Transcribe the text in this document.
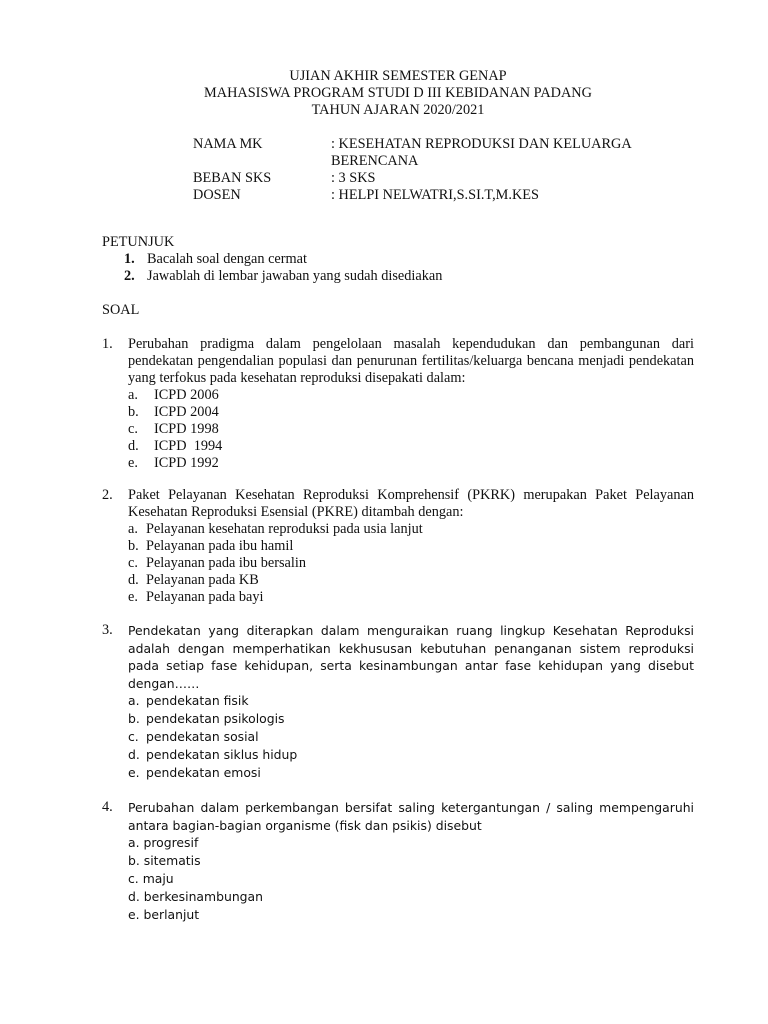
UJIAN AKHIR SEMESTER GENAP
MAHASISWA PROGRAM STUDI D III KEBIDANAN PADANG
TAHUN AJARAN 2020/2021
NAMA MK	: KESEHATAN REPRODUKSI DAN KELUARGA   BERENCANA
BEBAN SKS	: 3 SKS
DOSEN	: HELPI NELWATRI,S.SI.T,M.KES
PETUNJUK
1. Bacalah soal dengan cermat
2. Jawablah di lembar jawaban yang sudah disediakan
SOAL
1. Perubahan pradigma dalam pengelolaan masalah kependudukan dan pembangunan dari pendekatan pengendalian populasi dan penurunan fertilitas/keluarga bencana menjadi pendekatan yang terfokus pada kesehatan reproduksi disepakati dalam:
a. ICPD 2006
b. ICPD 2004
c. ICPD 1998
d. ICPD  1994
e. ICPD 1992
2. Paket Pelayanan Kesehatan Reproduksi Komprehensif (PKRK) merupakan Paket Pelayanan Kesehatan Reproduksi Esensial (PKRE) ditambah dengan:
a. Pelayanan kesehatan reproduksi pada usia lanjut
b. Pelayanan pada ibu hamil
c. Pelayanan pada ibu bersalin
d. Pelayanan pada KB
e. Pelayanan pada bayi
3. Pendekatan yang diterapkan dalam menguraikan ruang lingkup Kesehatan Reproduksi adalah dengan memperhatikan kekhususan kebutuhan penanganan sistem reproduksi pada setiap fase kehidupan, serta kesinambungan antar fase kehidupan yang disebut dengan……
a. pendekatan fisik
b. pendekatan psikologis
c. pendekatan sosial
d. pendekatan siklus hidup
e. pendekatan emosi
4. Perubahan dalam perkembangan bersifat saling ketergantungan / saling mempengaruhi antara bagian-bagian organisme (fisk dan psikis) disebut
a. progresif
b. sitematis
c. maju
d. berkesinambungan
e. berlanjut
